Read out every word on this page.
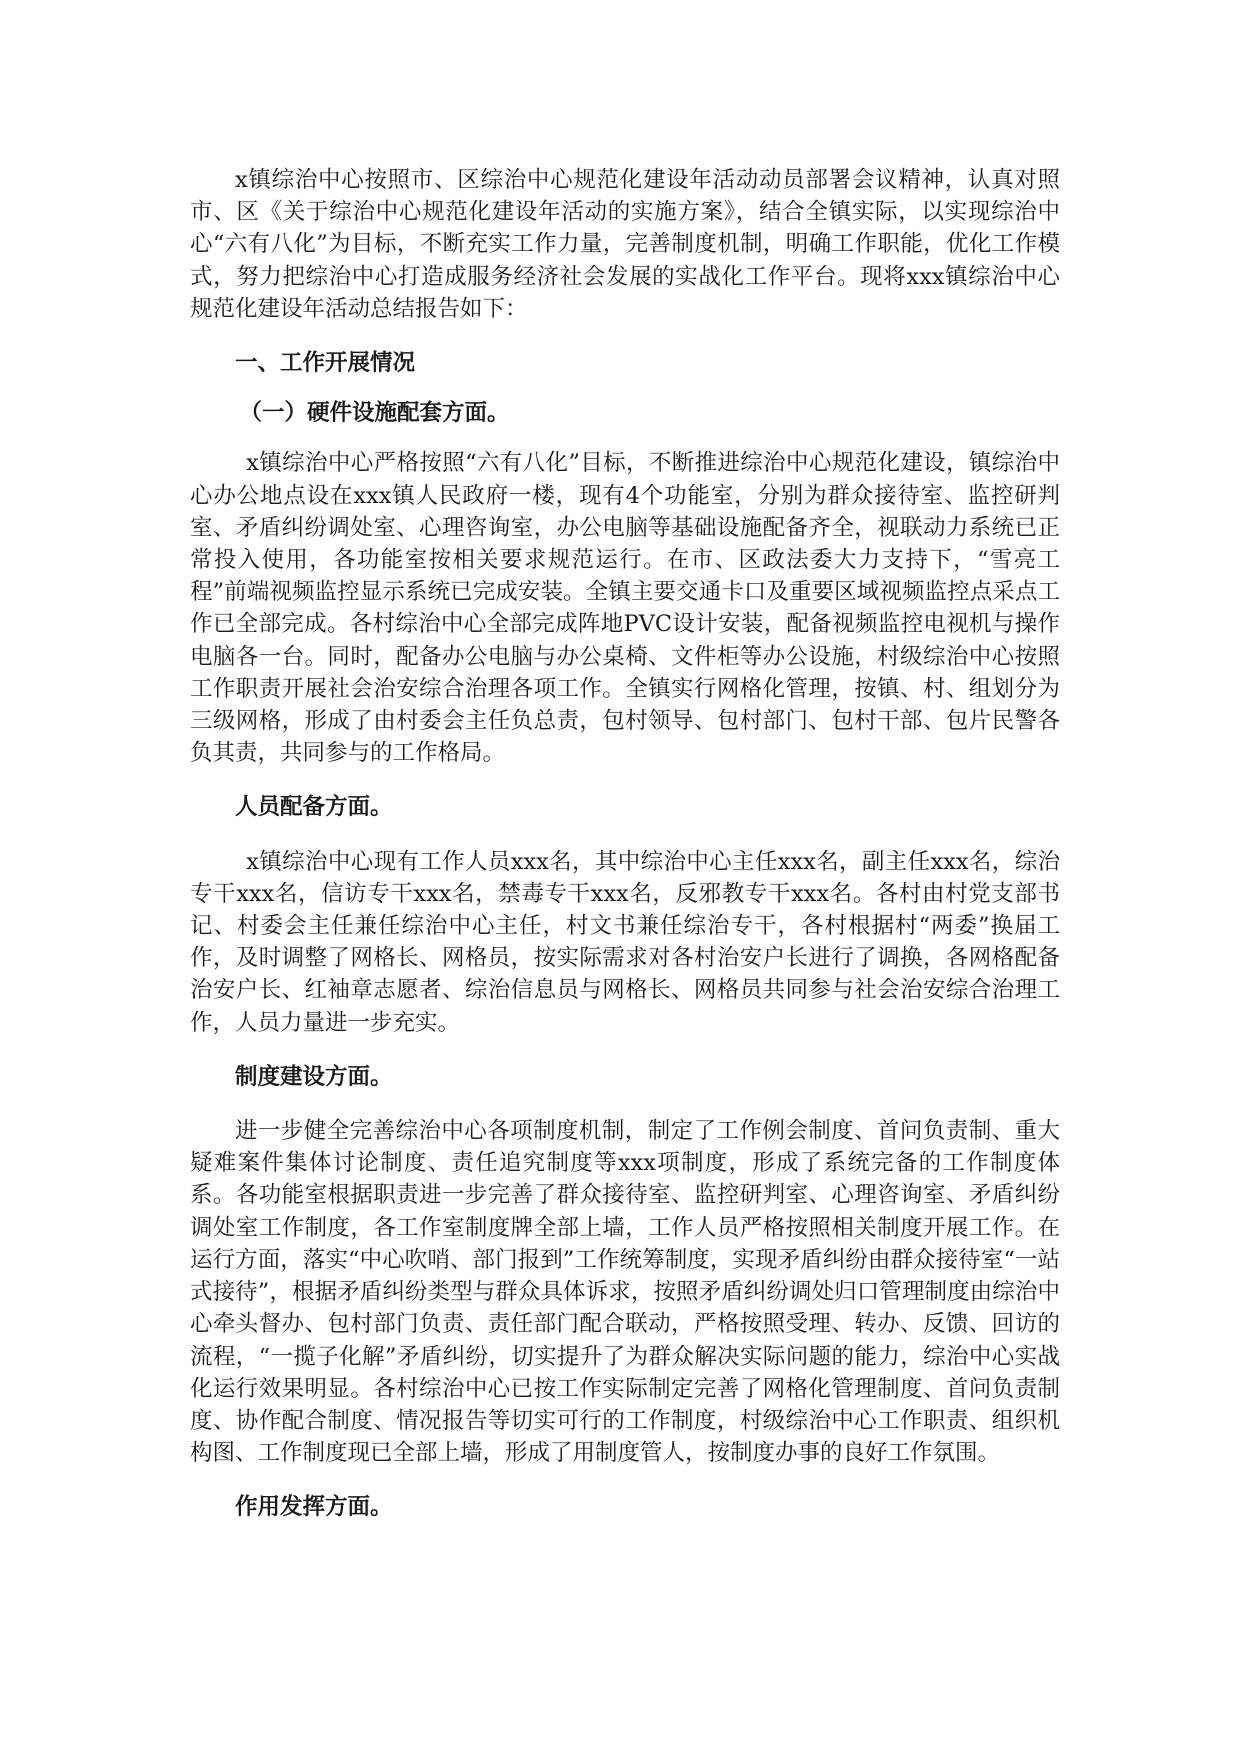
x镇综治中心按照市、区综治中心规范化建设年活动动员部署会议精神，认真对照市、区《关于综治中心规范化建设年活动的实施方案》，结合全镇实际，以实现综治中心“六有八化”为目标，不断充实工作力量，完善制度机制，明确工作职能，优化工作模式，努力把综治中心打造成服务经济社会发展的实战化工作平台。现将xxx镇综治中心规范化建设年活动总结报告如下：

一、工作开展情况

（一）硬件设施配套方面。

x镇综治中心严格按照“六有八化”目标，不断推进综治中心规范化建设，镇综治中心办公地点设在xxx镇人民政府一楼，现有4个功能室，分别为群众接待室、监控研判室、矛盾纠纷调处室、心理咨询室，办公电脑等基础设施配备齐全，视联动力系统已正常投入使用，各功能室按相关要求规范运行。在市、区政法委大力支持下，“雪亮工程”前端视频监控显示系统已完成安装。全镇主要交通卡口及重要区域视频监控点采点工作已全部完成。各村综治中心全部完成阵地PVC设计安装，配备视频监控电视机与操作电脑各一台。同时，配备办公电脑与办公桌椅、文件柜等办公设施，村级综治中心按照工作职责开展社会治安综合治理各项工作。全镇实行网格化管理，按镇、村、组划分为三级网格，形成了由村委会主任负总责，包村领导、包村部门、包村干部、包片民警各负其责，共同参与的工作格局。

人员配备方面。

x镇综治中心现有工作人员xxx名，其中综治中心主任xxx名，副主任xxx名，综治专干xxx名，信访专干xxx名，禁毒专干xxx名，反邪教专干xxx名。各村由村党支部书记、村委会主任兼任综治中心主任，村文书兼任综治专干，各村根据村“两委”换届工作，及时调整了网格长、网格员，按实际需求对各村治安户长进行了调换，各网格配备治安户长、红袖章志愿者、综治信息员与网格长、网格员共同参与社会治安综合治理工作，人员力量进一步充实。

制度建设方面。

进一步健全完善综治中心各项制度机制，制定了工作例会制度、首问负责制、重大疑难案件集体讨论制度、责任追究制度等xxx项制度，形成了系统完备的工作制度体系。各功能室根据职责进一步完善了群众接待室、监控研判室、心理咨询室、矛盾纠纷调处室工作制度，各工作室制度牌全部上墙，工作人员严格按照相关制度开展工作。在运行方面，落实“中心吹哨、部门报到”工作统筹制度，实现矛盾纠纷由群众接待室“一站式接待”，根据矛盾纠纷类型与群众具体诉求，按照矛盾纠纷调处归口管理制度由综治中心牵头督办、包村部门负责、责任部门配合联动，严格按照受理、转办、反馈、回访的流程，“一揽子化解”矛盾纠纷，切实提升了为群众解决实际问题的能力，综治中心实战化运行效果明显。各村综治中心已按工作实际制定完善了网格化管理制度、首问负责制度、协作配合制度、情况报告等切实可行的工作制度，村级综治中心工作职责、组织机构图、工作制度现已全部上墙，形成了用制度管人，按制度办事的良好工作氛围。

作用发挥方面。
